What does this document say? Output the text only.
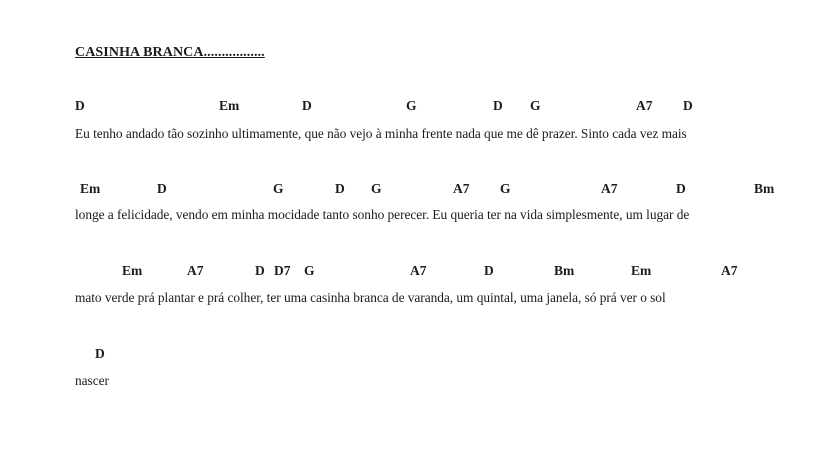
CASINHA BRANCA.................
D	Em	D	G	D G	A7 D
Eu tenho andado tão sozinho ultimamente, que não vejo à minha frente nada que me dê prazer. Sinto cada vez mais
Em	D	G	D G	A7 G	A7	D	Bm
longe a felicidade, vendo em minha mocidade tanto sonho perecer. Eu queria ter na vida simplesmente, um lugar de
Em	A7	D D7 G	A7	D	Bm	Em	A7
mato verde prá plantar e prá colher, ter uma casinha branca de varanda, um quintal, uma janela, só prá ver o sol
D
nascer
